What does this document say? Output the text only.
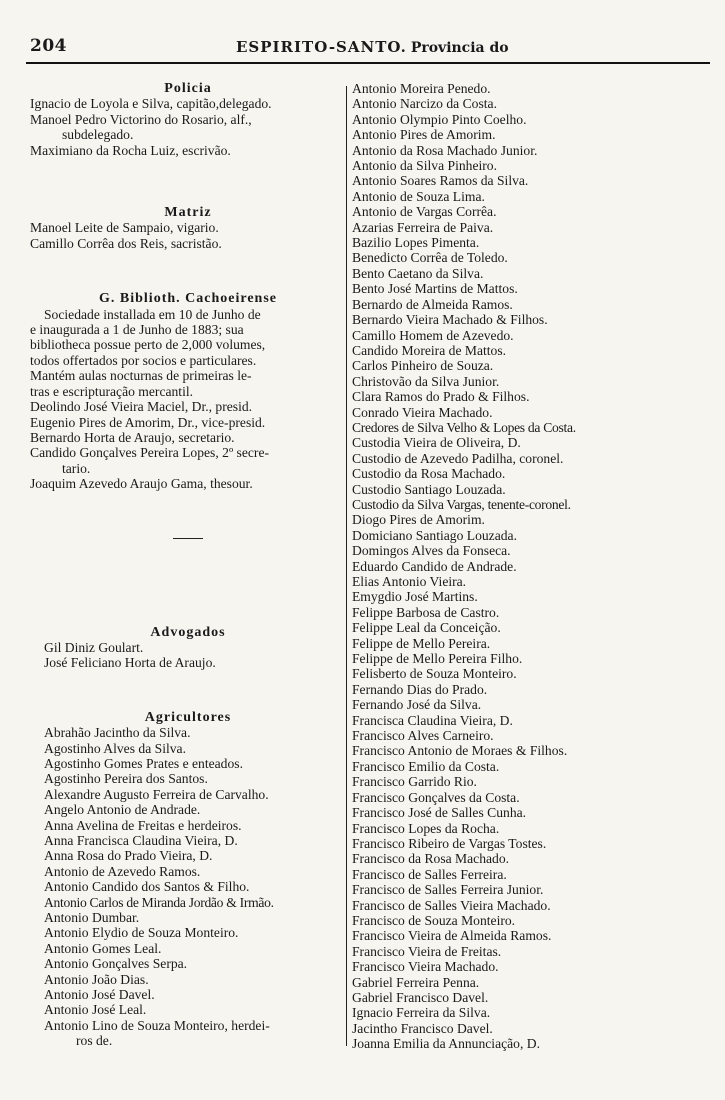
204	ESPIRITO-SANTO. Provincia do
Policia
Ignacio de Loyola e Silva, capitão,delegado.
Manoel Pedro Victorino do Rosario, alf.,
subdelegado.
Maximiano da Rocha Luiz, escrivão.
Matriz
Manoel Leite de Sampaio, vigario.
Camillo Corrêa dos Reis, sacristão.
G. Biblioth. Cachoeirense
Sociedade installada em 10 de Junho de
e inaugurada a 1 de Junho de 1883; sua
bibliotheca possue perto de 2,000 volumes,
todos offertados por socios e particulares.
Mantém aulas nocturnas de primeiras le-
tras e escripturação mercantil.
Deolindo José Vieira Maciel, Dr., presid.
Eugenio Pires de Amorim, Dr., vice-presid.
Bernardo Horta de Araujo, secretario.
Candido Gonçalves Pereira Lopes, 2º secre-
tario.
Joaquim Azevedo Araujo Gama, thesour.
Advogados
Gil Diniz Goulart.
José Feliciano Horta de Araujo.
Agricultores
Abrahão Jacintho da Silva.
Agostinho Alves da Silva.
Agostinho Gomes Prates e enteados.
Agostinho Pereira dos Santos.
Alexandre Augusto Ferreira de Carvalho.
Angelo Antonio de Andrade.
Anna Avelina de Freitas e herdeiros.
Anna Francisca Claudina Vieira, D.
Anna Rosa do Prado Vieira, D.
Antonio de Azevedo Ramos.
Antonio Candido dos Santos & Filho.
Antonio Carlos de Miranda Jordão & Irmão.
Antonio Dumbar.
Antonio Elydio de Souza Monteiro.
Antonio Gomes Leal.
Antonio Gonçalves Serpa.
Antonio João Dias.
Antonio José Davel.
Antonio José Leal.
Antonio Lino de Souza Monteiro, herdei-
ros de.
Antonio Moreira Penedo.
Antonio Narcizo da Costa.
Antonio Olympio Pinto Coelho.
Antonio Pires de Amorim.
Antonio da Rosa Machado Junior.
Antonio da Silva Pinheiro.
Antonio Soares Ramos da Silva.
Antonio de Souza Lima.
Antonio de Vargas Corrêa.
Azarias Ferreira de Paiva.
Bazilio Lopes Pimenta.
Benedicto Corrêa de Toledo.
Bento Caetano da Silva.
Bento José Martins de Mattos.
Bernardo de Almeida Ramos.
Bernardo Vieira Machado & Filhos.
Camillo Homem de Azevedo.
Candido Moreira de Mattos.
Carlos Pinheiro de Souza.
Christovão da Silva Junior.
Clara Ramos do Prado & Filhos.
Conrado Vieira Machado.
Credores de Silva Velho & Lopes da Costa.
Custodia Vieira de Oliveira, D.
Custodio de Azevedo Padilha, coronel.
Custodio da Rosa Machado.
Custodio Santiago Louzada.
Custodio da Silva Vargas, tenente-coronel.
Diogo Pires de Amorim.
Domiciano Santiago Louzada.
Domingos Alves da Fonseca.
Eduardo Candido de Andrade.
Elias Antonio Vieira.
Emygdio José Martins.
Felippe Barbosa de Castro.
Felippe Leal da Conceição.
Felippe de Mello Pereira.
Felippe de Mello Pereira Filho.
Felisberto de Souza Monteiro.
Fernando Dias do Prado.
Fernando José da Silva.
Francisca Claudina Vieira, D.
Francisco Alves Carneiro.
Francisco Antonio de Moraes & Filhos.
Francisco Emilio da Costa.
Francisco Garrido Rio.
Francisco Gonçalves da Costa.
Francisco José de Salles Cunha.
Francisco Lopes da Rocha.
Francisco Ribeiro de Vargas Tostes.
Francisco da Rosa Machado.
Francisco de Salles Ferreira.
Francisco de Salles Ferreira Junior.
Francisco de Salles Vieira Machado.
Francisco de Souza Monteiro.
Francisco Vieira de Almeida Ramos.
Francisco Vieira de Freitas.
Francisco Vieira Machado.
Gabriel Ferreira Penna.
Gabriel Francisco Davel.
Ignacio Ferreira da Silva.
Jacintho Francisco Davel.
Joanna Emilia da Annunciação, D.
